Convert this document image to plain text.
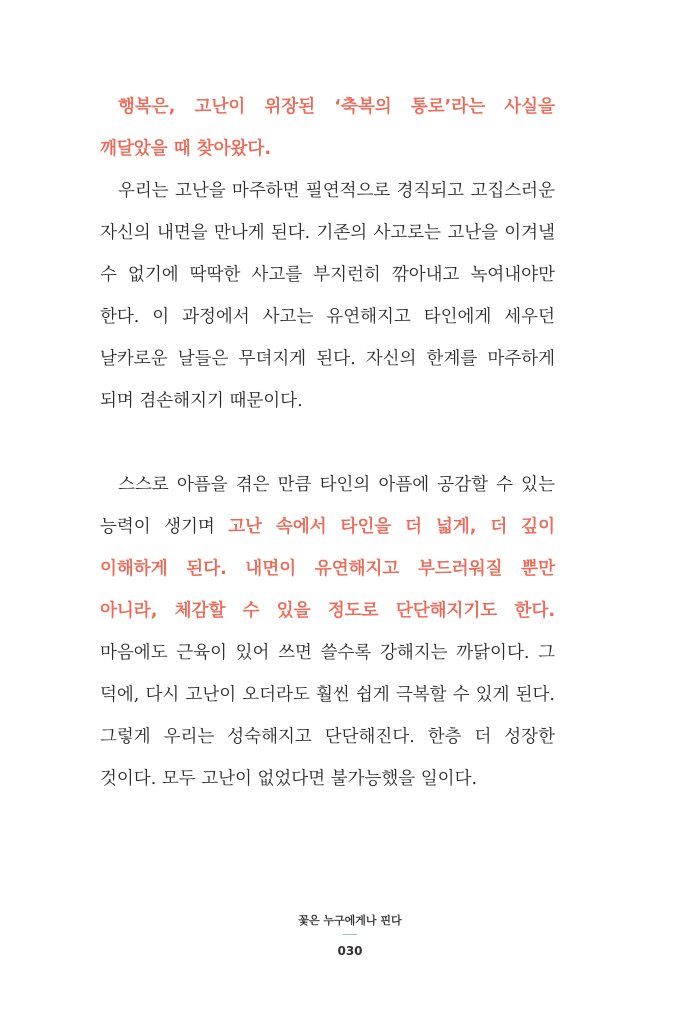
행복은, 고난이 위장된 ‘축복의 통로’라는 사실을 깨달았을 때 찾아왔다.

우리는 고난을 마주하면 필연적으로 경직되고 고집스러운 자신의 내면을 만나게 된다. 기존의 사고로는 고난을 이겨낼 수 없기에 딱딱한 사고를 부지런히 깎아내고 녹여내야만 한다. 이 과정에서 사고는 유연해지고 타인에게 세우던 날카로운 날들은 무뎌지게 된다. 자신의 한계를 마주하게 되며 겸손해지기 때문이다.

스스로 아픔을 겪은 만큼 타인의 아픔에 공감할 수 있는 능력이 생기며 고난 속에서 타인을 더 넓게, 더 깊이 이해하게 된다. 내면이 유연해지고 부드러워질 뿐만 아니라, 체감할 수 있을 정도로 단단해지기도 한다. 마음에도 근육이 있어 쓰면 쓸수록 강해지는 까닭이다. 그 덕에, 다시 고난이 오더라도 훨씬 쉽게 극복할 수 있게 된다. 그렇게 우리는 성숙해지고 단단해진다. 한층 더 성장한 것이다. 모두 고난이 없었다면 불가능했을 일이다.

꽃은 누구에게나 핀다
030
